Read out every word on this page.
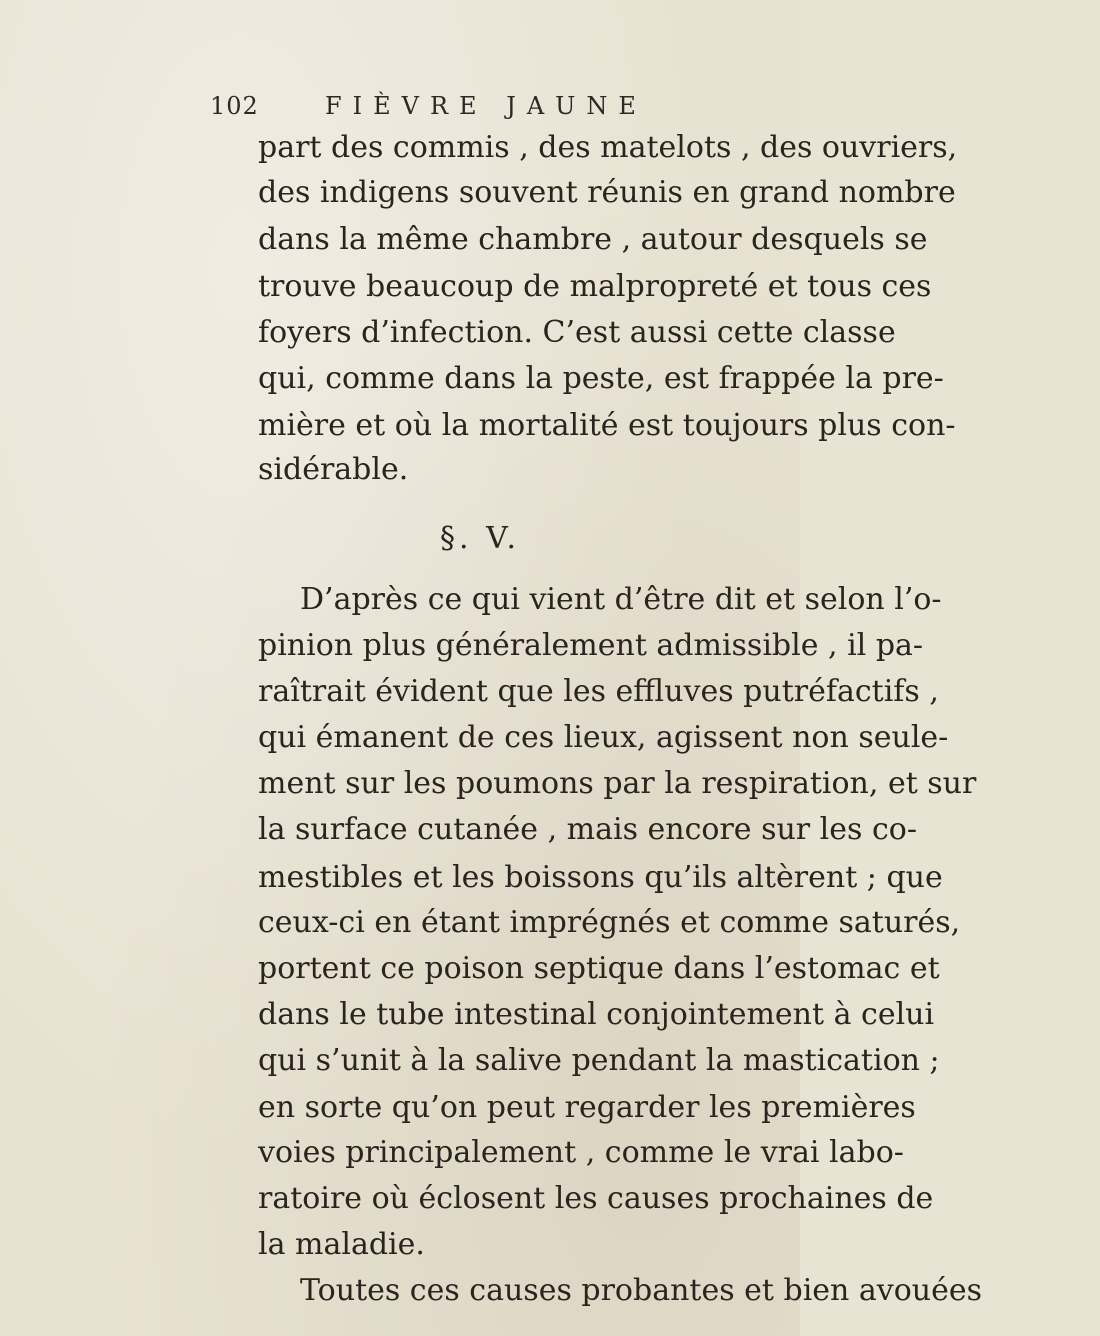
102	FIÈVRE JAUNE
part des commis , des matelots , des ouvriers,
des indigens souvent réunis en grand nombre
dans la même chambre , autour desquels se
trouve beaucoup de malpropreté et tous ces
foyers d’infection. C’est aussi cette classe
qui, comme dans la peste, est frappée la pre-
mière et où la mortalité est toujours plus con-
sidérable.
§. V.
D’après ce qui vient d’être dit et selon l’o-
pinion plus généralement admissible , il pa-
raîtrait évident que les effluves putréfactifs ,
qui émanent de ces lieux, agissent non seule-
ment sur les poumons par la respiration, et sur
la surface cutanée , mais encore sur les co-
mestibles et les boissons qu’ils altèrent ; que
ceux-ci en étant imprégnés et comme saturés,
portent ce poison septique dans l’estomac et
dans le tube intestinal conjointement à celui
qui s’unit à la salive pendant la mastication ;
en sorte qu’on peut regarder les premières
voies principalement , comme le vrai labo-
ratoire où éclosent les causes prochaines de
la maladie.
Toutes ces causes probantes et bien avouées
